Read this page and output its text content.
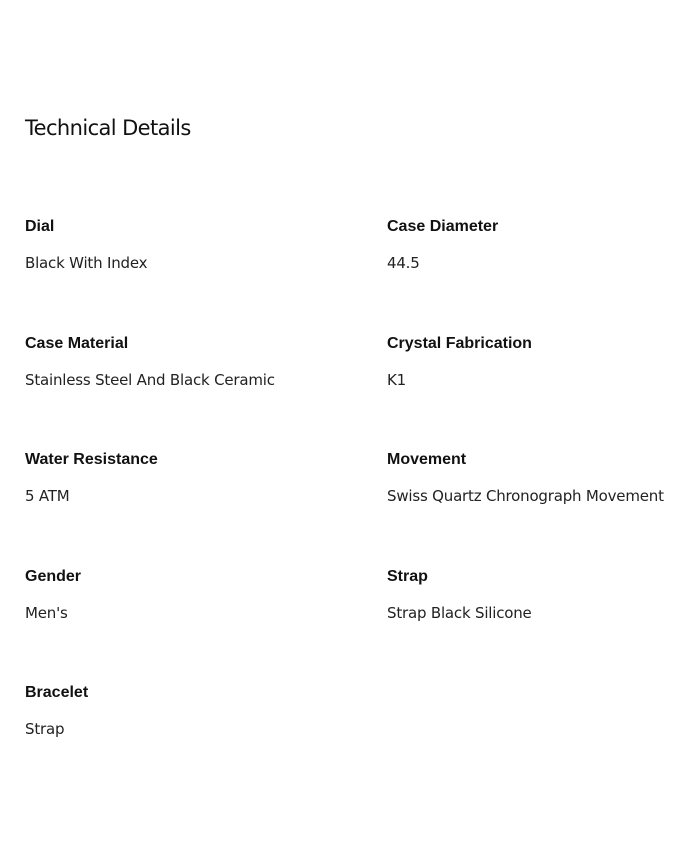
Technical Details
Dial
Black With Index
Case Diameter
44.5
Case Material
Stainless Steel And Black Ceramic
Crystal Fabrication
K1
Water Resistance
5 ATM
Movement
Swiss Quartz Chronograph Movement
Gender
Men's
Strap
Strap Black Silicone
Bracelet
Strap
